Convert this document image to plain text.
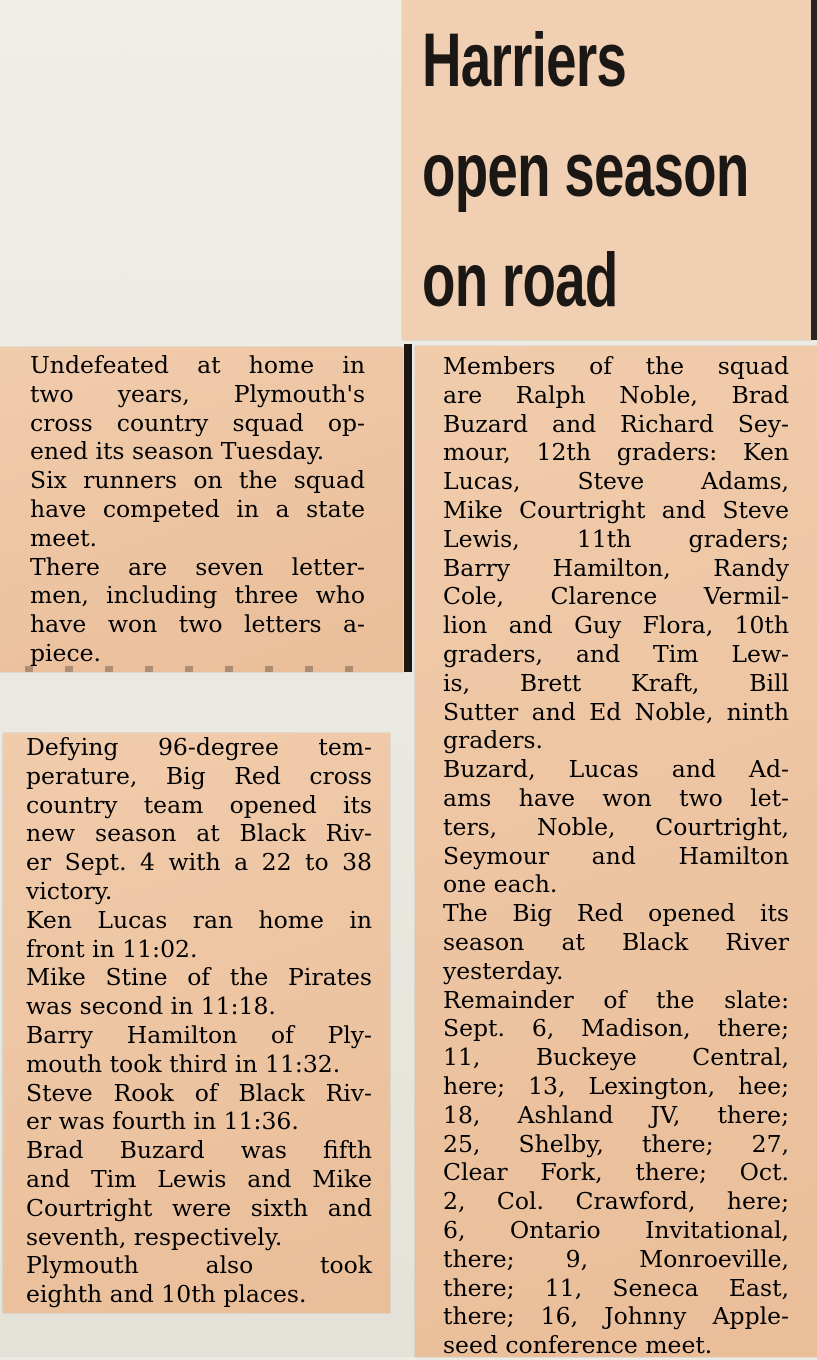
Harriers
open season
on road
Undefeated at home in
two years, Plymouth's
cross country squad op-
ened its season Tuesday.
Six runners on the squad
have competed in a state
meet.
There are seven letter-
men, including three who
have won two letters a-
piece.
Members of the squad
are Ralph Noble, Brad
Buzard and Richard Sey-
mour, 12th graders: Ken
Lucas, Steve Adams,
Mike Courtright and Steve
Lewis, 11th graders;
Barry Hamilton, Randy
Cole, Clarence Vermil-
lion and Guy Flora, 10th
graders, and Tim Lew-
is, Brett Kraft, Bill
Sutter and Ed Noble, ninth
graders.
Buzard, Lucas and Ad-
ams have won two let-
ters, Noble, Courtright,
Seymour and Hamilton
one each.
The Big Red opened its
season at Black River
yesterday.
Remainder of the slate:
Sept. 6, Madison, there;
11, Buckeye Central,
here; 13, Lexington, hee;
18, Ashland JV, there;
25, Shelby, there; 27,
Clear Fork, there; Oct.
2, Col. Crawford, here;
6, Ontario Invitational,
there; 9, Monroeville,
there; 11, Seneca East,
there; 16, Johnny Apple-
seed conference meet.
Defying 96-degree tem-
perature, Big Red cross
country team opened its
new season at Black Riv-
er Sept. 4 with a 22 to 38
victory.
Ken Lucas ran home in
front in 11:02.
Mike Stine of the Pirates
was second in 11:18.
Barry Hamilton of Ply-
mouth took third in 11:32.
Steve Rook of Black Riv-
er was fourth in 11:36.
Brad Buzard was fifth
and Tim Lewis and Mike
Courtright were sixth and
seventh, respectively.
Plymouth also took
eighth and 10th places.
